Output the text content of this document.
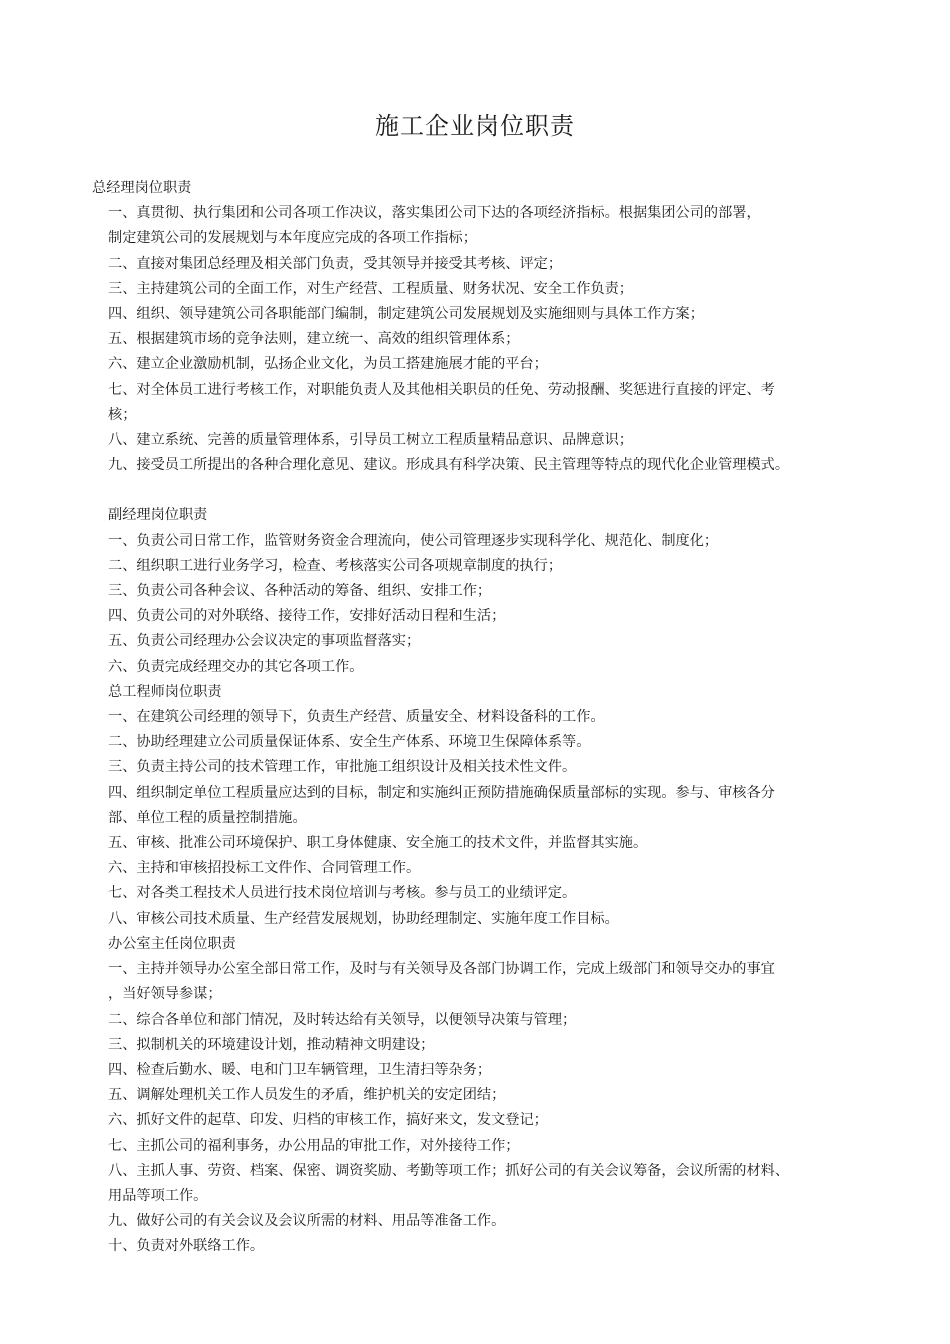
施工企业岗位职责
总经理岗位职责
一、真贯彻、执行集团和公司各项工作决议，落实集团公司下达的各项经济指标。根据集团公司的部署，
制定建筑公司的发展规划与本年度应完成的各项工作指标；
二、直接对集团总经理及相关部门负责，受其领导并接受其考核、评定；
三、主持建筑公司的全面工作，对生产经营、工程质量、财务状况、安全工作负责；
四、组织、领导建筑公司各职能部门编制，制定建筑公司发展规划及实施细则与具体工作方案；
五、根据建筑市场的竞争法则，建立统一、高效的组织管理体系；
六、建立企业激励机制，弘扬企业文化，为员工搭建施展才能的平台；
七、对全体员工进行考核工作，对职能负责人及其他相关职员的任免、劳动报酬、奖惩进行直接的评定、考
核；
八、建立系统、完善的质量管理体系，引导员工树立工程质量精品意识、品牌意识；
九、接受员工所提出的各种合理化意见、建议。形成具有科学决策、民主管理等特点的现代化企业管理模式。
副经理岗位职责
一、负责公司日常工作，监管财务资金合理流向，使公司管理逐步实现科学化、规范化、制度化；
二、组织职工进行业务学习，检查、考核落实公司各项规章制度的执行；
三、负责公司各种会议、各种活动的筹备、组织、安排工作；
四、负责公司的对外联络、接待工作，安排好活动日程和生活；
五、负责公司经理办公会议决定的事项监督落实；
六、负责完成经理交办的其它各项工作。
总工程师岗位职责
一、在建筑公司经理的领导下，负责生产经营、质量安全、材料设备科的工作。
二、协助经理建立公司质量保证体系、安全生产体系、环境卫生保障体系等。
三、负责主持公司的技术管理工作，审批施工组织设计及相关技术性文件。
四、组织制定单位工程质量应达到的目标，制定和实施纠正预防措施确保质量部标的实现。参与、审核各分
部、单位工程的质量控制措施。
五、审核、批准公司环境保护、职工身体健康、安全施工的技术文件，并监督其实施。
六、主持和审核招投标工文件作、合同管理工作。
七、对各类工程技术人员进行技术岗位培训与考核。参与员工的业绩评定。
八、审核公司技术质量、生产经营发展规划，协助经理制定、实施年度工作目标。
办公室主任岗位职责
一、主持并领导办公室全部日常工作，及时与有关领导及各部门协调工作，完成上级部门和领导交办的事宜
，当好领导参谋；
二、综合各单位和部门情况，及时转达给有关领导，以便领导决策与管理；
三、拟制机关的环境建设计划，推动精神文明建设；
四、检查后勤水、暖、电和门卫车辆管理，卫生清扫等杂务；
五、调解处理机关工作人员发生的矛盾，维护机关的安定团结；
六、抓好文件的起草、印发、归档的审核工作，搞好来文，发文登记；
七、主抓公司的福利事务，办公用品的审批工作，对外接待工作；
八、主抓人事、劳资、档案、保密、调资奖励、考勤等项工作；抓好公司的有关会议筹备，会议所需的材料、
用品等项工作。
九、做好公司的有关会议及会议所需的材料、用品等准备工作。
十、负责对外联络工作。
